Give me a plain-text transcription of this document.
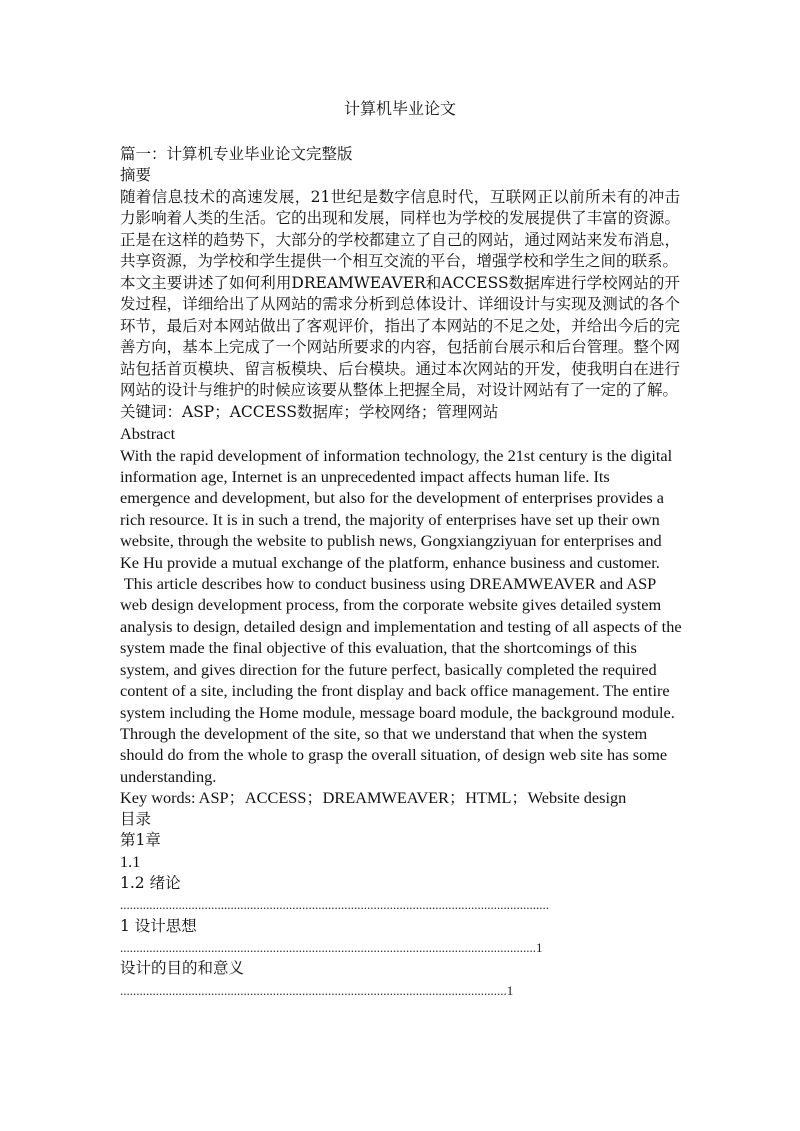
计算机毕业论文

篇一：计算机专业毕业论文完整版

摘要

随着信息技术的高速发展，21世纪是数字信息时代，互联网正以前所未有的冲击力影响着人类的生活。它的出现和发展，同样也为学校的发展提供了丰富的资源。正是在这样的趋势下，大部分的学校都建立了自己的网站，通过网站来发布消息，共享资源，为学校和学生提供一个相互交流的平台，增强学校和学生之间的联系。

本文主要讲述了如何利用DREAMWEAVER和ACCESS数据库进行学校网站的开发过程，详细给出了从网站的需求分析到总体设计、详细设计与实现及测试的各个环节，最后对本网站做出了客观评价，指出了本网站的不足之处，并给出今后的完善方向，基本上完成了一个网站所要求的内容，包括前台展示和后台管理。整个网站包括首页模块、留言板模块、后台模块。通过本次网站的开发，使我明白在进行网站的设计与维护的时候应该要从整体上把握全局，对设计网站有了一定的了解。

关键词：ASP；ACCESS数据库；学校网络；管理网站

Abstract

With the rapid development of information technology, the 21st century is the digital

information age, Internet is an unprecedented impact affects human life. Its

emergence and development, but also for the development of enterprises provides a

rich resource. It is in such a trend, the majority of enterprises have set up their own

website, through the website to publish news, Gongxiangziyuan for enterprises and

Ke Hu provide a mutual exchange of the platform, enhance business and customer.

This article describes how to conduct business using DREAMWEAVER and ASP

web design development process, from the corporate website gives detailed system

analysis to design, detailed design and implementation and testing of all aspects of the

system made the final objective of this evaluation, that the shortcomings of this

system, and gives direction for the future perfect, basically completed the required

content of a site, including the front display and back office management. The entire

system including the Home module, message board module, the background module.

Through the development of the site, so that we understand that when the system

should do from the whole to grasp the overall situation, of design web site has some

understanding.

Key words: ASP；ACCESS；DREAMWEAVER；HTML；Website design

目录

第1章

1.1

1.2 绪论

....................................................................................................................................

1 设计思想

................................................................................................................................1

设计的目的和意义

.......................................................................................................................1
